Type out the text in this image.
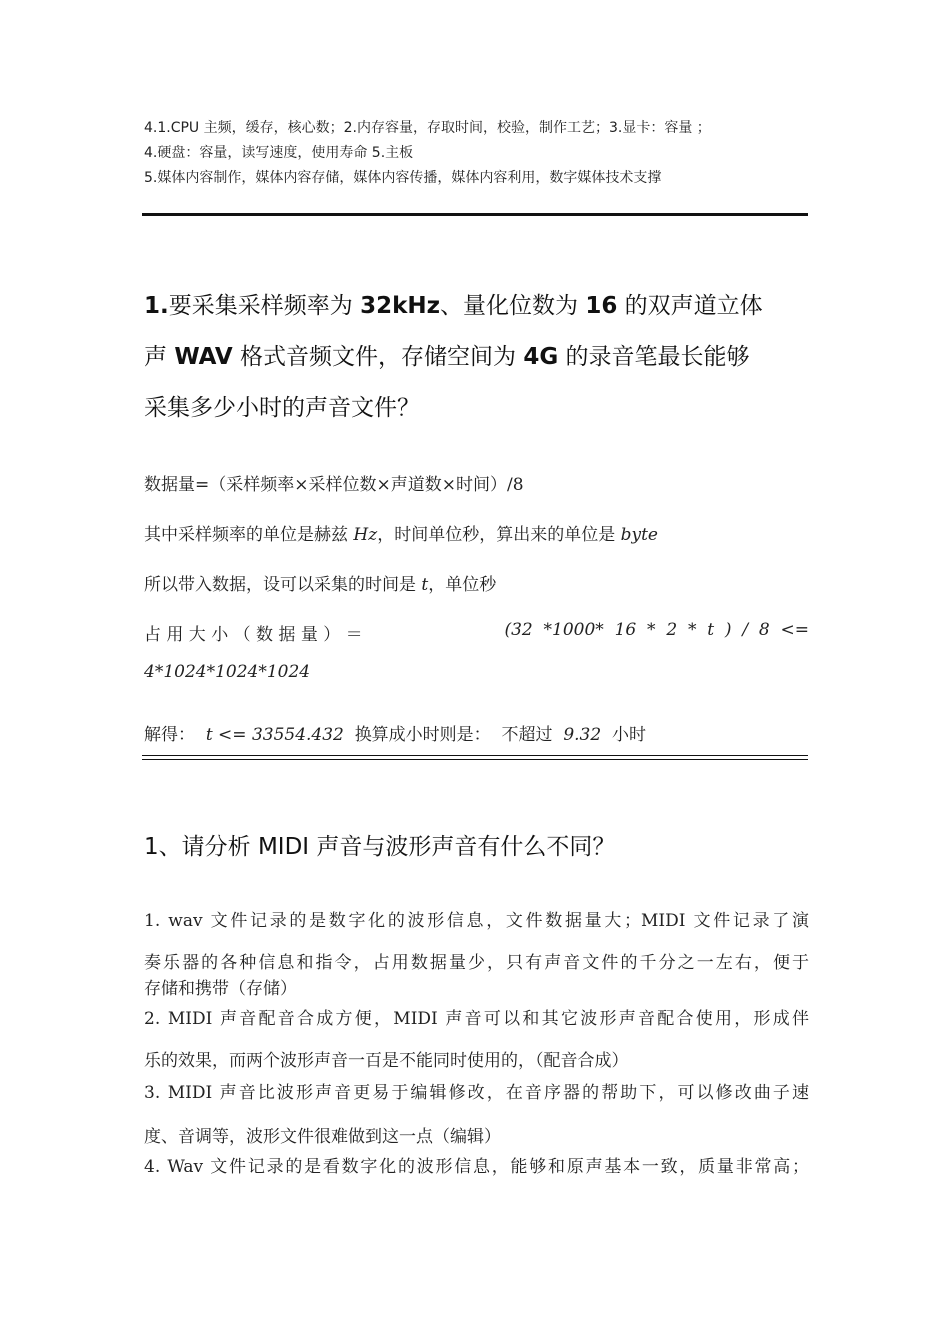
4.1.CPU 主频，缓存，核心数；2.内存容量，存取时间，校验，制作工艺；3.显卡：容量 ；
4.硬盘：容量，读写速度，使用寿命 5.主板
5.媒体内容制作，媒体内容存储，媒体内容传播，媒体内容利用，数字媒体技术支撑
1.要采集采样频率为 32kHz、量化位数为 16 的双声道立体
声 WAV 格式音频文件，存储空间为 4G 的录音笔最长能够
采集多少小时的声音文件？
数据量=（采样频率×采样位数×声道数×时间）/8
其中采样频率的单位是赫兹 Hz，时间单位秒，算出来的单位是 byte
所以带入数据，设可以采集的时间是 t，单位秒
占 用 大 小 （ 数 据 量 ） ＝	(32  *1000*  16  *  2  *  t  )  /  8  <=
4*1024*1024*1024
解得： t <= 33554.432 换算成小时则是： 不超过 9.32 小时
1、请分析 MIDI 声音与波形声音有什么不同？
1. wav 文件记录的是数字化的波形信息，文件数据量大；MIDI 文件记录了演
奏乐器的各种信息和指令，占用数据量少，只有声音文件的千分之一左右，便于
存储和携带（存储）
2. MIDI 声音配音合成方便，MIDI 声音可以和其它波形声音配合使用，形成伴
乐的效果，而两个波形声音一百是不能同时使用的，（配音合成）
3. MIDI 声音比波形声音更易于编辑修改，在音序器的帮助下，可以修改曲子速
度、音调等，波形文件很难做到这一点（编辑）
4. Wav 文件记录的是看数字化的波形信息，能够和原声基本一致，质量非常高；
